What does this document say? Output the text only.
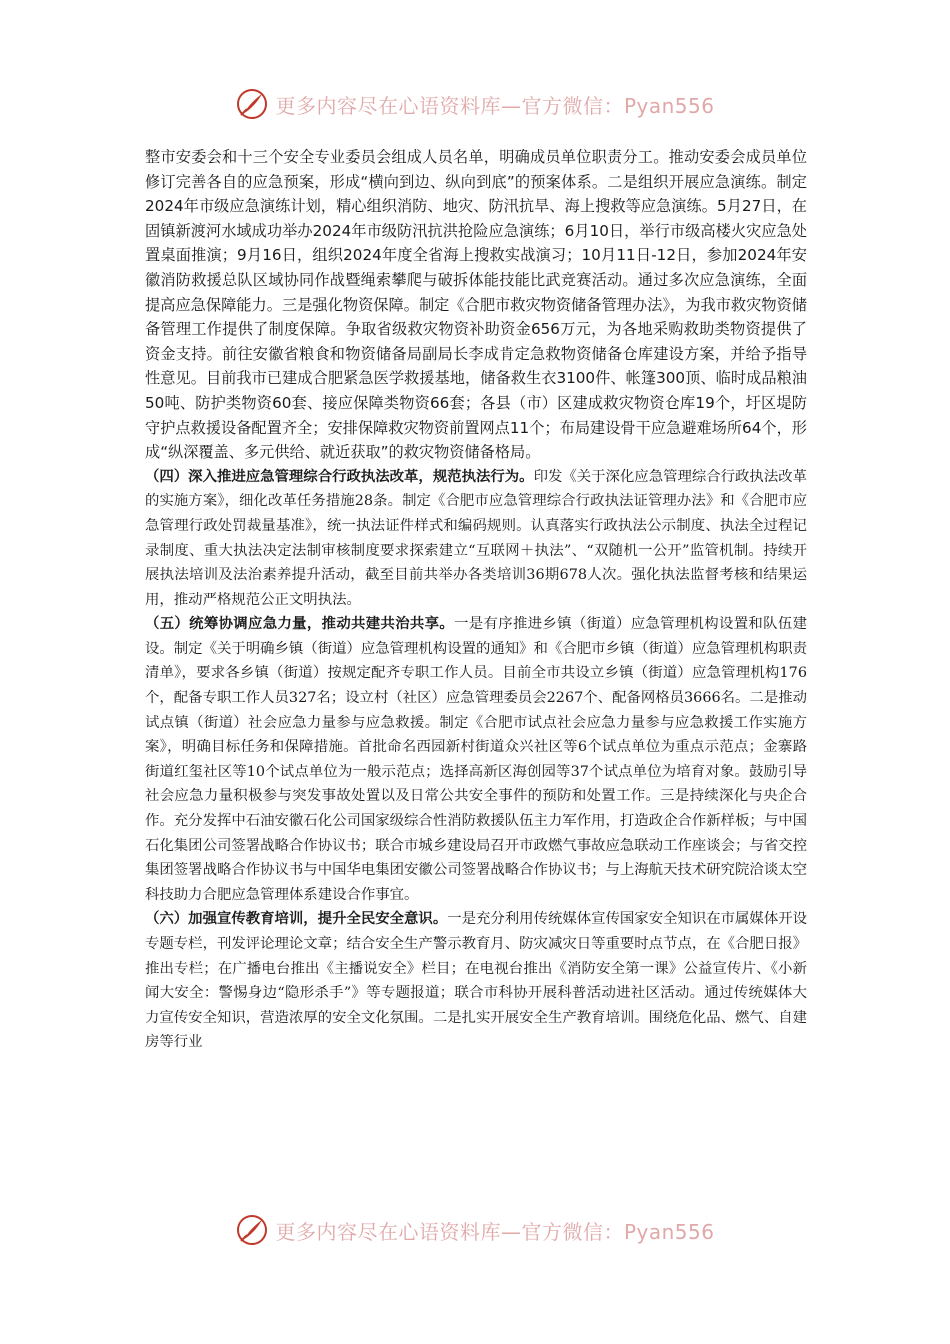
更多内容尽在心语资料库—官方微信：Pyan556

整市安委会和十三个安全专业委员会组成人员名单，明确成员单位职责分工。推动安委会成员单位修订完善各自的应急预案，形成“横向到边、纵向到底”的预案体系。二是组织开展应急演练。制定2024年市级应急演练计划，精心组织消防、地灾、防汛抗旱、海上搜救等应急演练。5月27日，在固镇新渡河水域成功举办2024年市级防汛抗洪抢险应急演练；6月10日，举行市级高楼火灾应急处置桌面推演；9月16日，组织2024年度全省海上搜救实战演习；10月11日-12日，参加2024年安徽消防救援总队区域协同作战暨绳索攀爬与破拆体能技能比武竞赛活动。通过多次应急演练，全面提高应急保障能力。三是强化物资保障。制定《合肥市救灾物资储备管理办法》，为我市救灾物资储备管理工作提供了制度保障。争取省级救灾物资补助资金656万元，为各地采购救助类物资提供了资金支持。前往安徽省粮食和物资储备局副局长李成肯定急救物资储备仓库建设方案，并给予指导性意见。目前我市已建成合肥紧急医学救援基地，储备救生衣3100件、帐篷300顶、临时成品粮油50吨、防护类物资60套、接应保障类物资66套；各县（市）区建成救灾物资仓库19个，圩区堤防守护点救援设备配置齐全；安排保障救灾物资前置网点11个；布局建设骨干应急避难场所64个，形成“纵深覆盖、多元供给、就近获取”的救灾物资储备格局。

（四）深入推进应急管理综合行政执法改革，规范执法行为。印发《关于深化应急管理综合行政执法改革的实施方案》，细化改革任务措施28条。制定《合肥市应急管理综合行政执法证管理办法》和《合肥市应急管理行政处罚裁量基准》，统一执法证件样式和编码规则。认真落实行政执法公示制度、执法全过程记录制度、重大执法决定法制审核制度要求探索建立“互联网＋执法”、“双随机一公开”监管机制。持续开展执法培训及法治素养提升活动，截至目前共举办各类培训36期678人次。强化执法监督考核和结果运用，推动严格规范公正文明执法。

（五）统筹协调应急力量，推动共建共治共享。一是有序推进乡镇（街道）应急管理机构设置和队伍建设。制定《关于明确乡镇（街道）应急管理机构设置的通知》和《合肥市乡镇（街道）应急管理机构职责清单》，要求各乡镇（街道）按规定配齐专职工作人员。目前全市共设立乡镇（街道）应急管理机构176个，配备专职工作人员327名；设立村（社区）应急管理委员会2267个、配备网格员3666名。二是推动试点镇（街道）社会应急力量参与应急救援。制定《合肥市试点社会应急力量参与应急救援工作实施方案》，明确目标任务和保障措施。首批命名西园新村街道众兴社区等6个试点单位为重点示范点；金寨路街道红玺社区等10个试点单位为一般示范点；选择高新区海创园等37个试点单位为培育对象。鼓励引导社会应急力量积极参与突发事故处置以及日常公共安全事件的预防和处置工作。三是持续深化与央企合作。充分发挥中石油安徽石化公司国家级综合性消防救援队伍主力军作用，打造政企合作新样板；与中国石化集团公司签署战略合作协议书；联合市城乡建设局召开市政燃气事故应急联动工作座谈会；与省交控集团签署战略合作协议书与中国华电集团安徽公司签署战略合作协议书；与上海航天技术研究院洽谈太空科技助力合肥应急管理体系建设合作事宜。

（六）加强宣传教育培训，提升全民安全意识。一是充分利用传统媒体宣传国家安全知识在市属媒体开设专题专栏，刊发评论理论文章；结合安全生产警示教育月、防灾减灾日等重要时点节点，在《合肥日报》推出专栏；在广播电台推出《主播说安全》栏目；在电视台推出《消防安全第一课》公益宣传片、《小新闻大安全：警惕身边“隐形杀手”》等专题报道；联合市科协开展科普活动进社区活动。通过传统媒体大力宣传安全知识，营造浓厚的安全文化氛围。二是扎实开展安全生产教育培训。围绕危化品、燃气、自建房等行业

更多内容尽在心语资料库—官方微信：Pyan556
